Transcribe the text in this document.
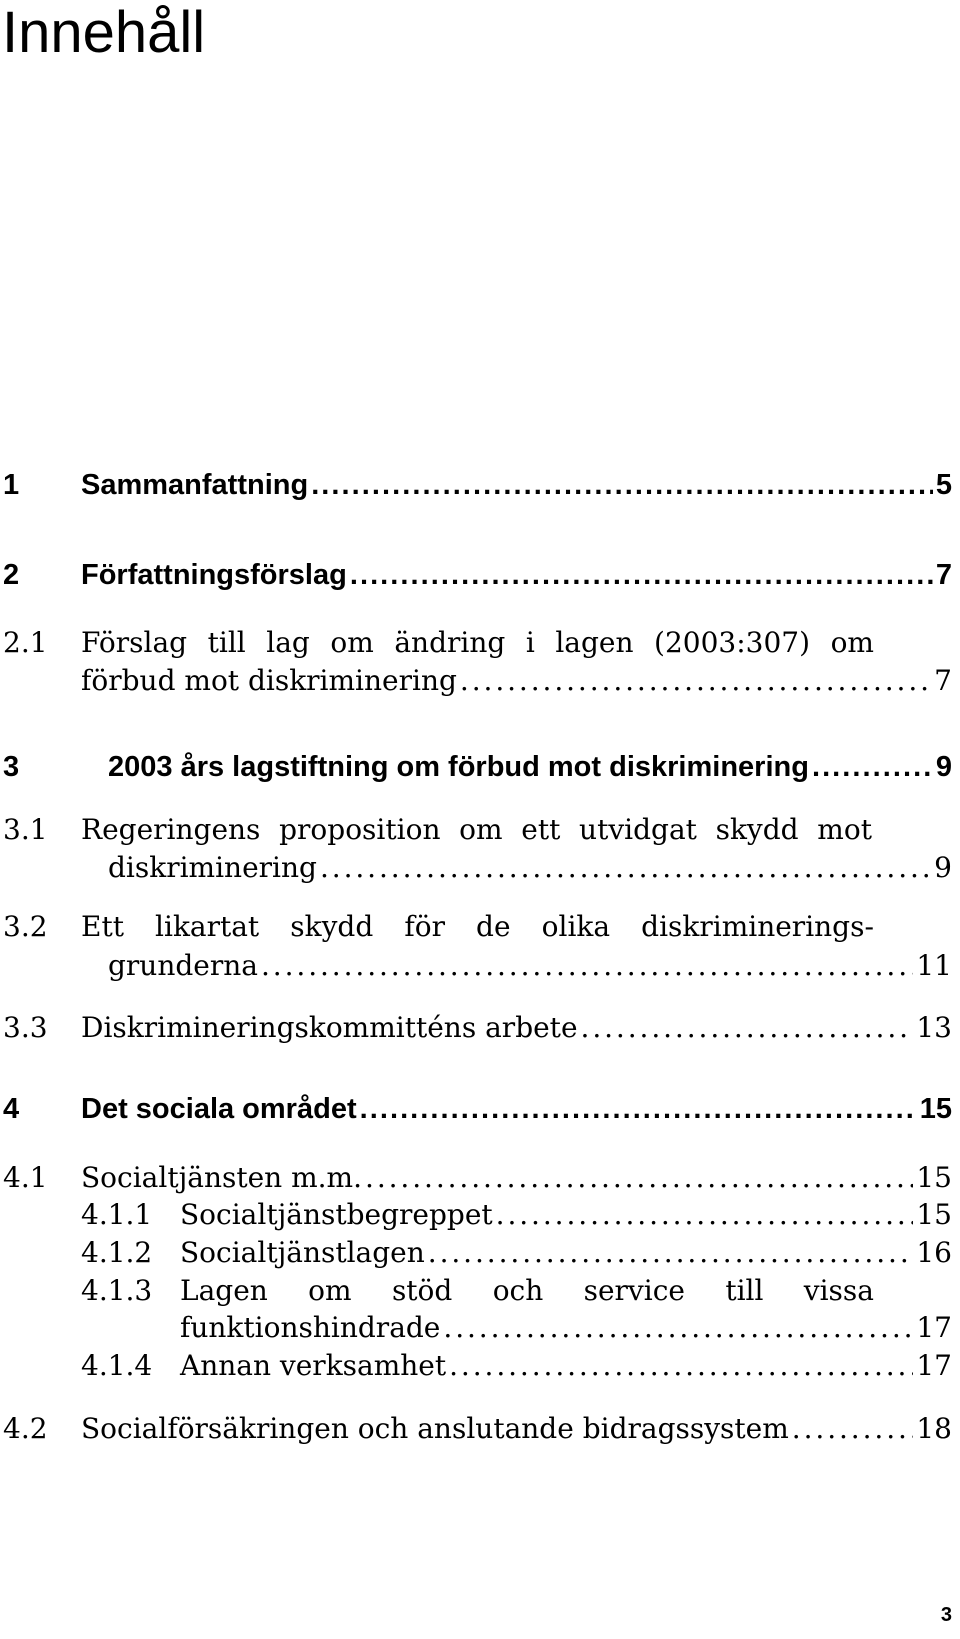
Innehåll
1 Sammanfattning . . .	5
2 Författningsförslag . . .	7
2.1 Förslag till lag om ändring i lagen (2003:307) om
förbud mot diskriminering . . .	7
3	2003 års lagstiftning om förbud mot diskriminering . . .	9
3.1 Regeringens proposition om ett utvidgat skydd mot
diskriminering . . .	9
3.2 Ett likartat skydd för de olika diskriminerings-
grunderna . . .	11
3.3 Diskrimineringskommitténs arbete . . .	13
4 Det sociala området . . .	15
4.1 Socialtjänsten m.m. . . .	15
4.1.1 Socialtjänstbegreppet . . .	15
4.1.2 Socialtjänstlagen . . .	16
4.1.3 Lagen om stöd och service till vissa
funktionshindrade . . .	17
4.1.4 Annan verksamhet . . .	17
4.2 Socialförsäkringen och anslutande bidragssystem . . .	18
3
